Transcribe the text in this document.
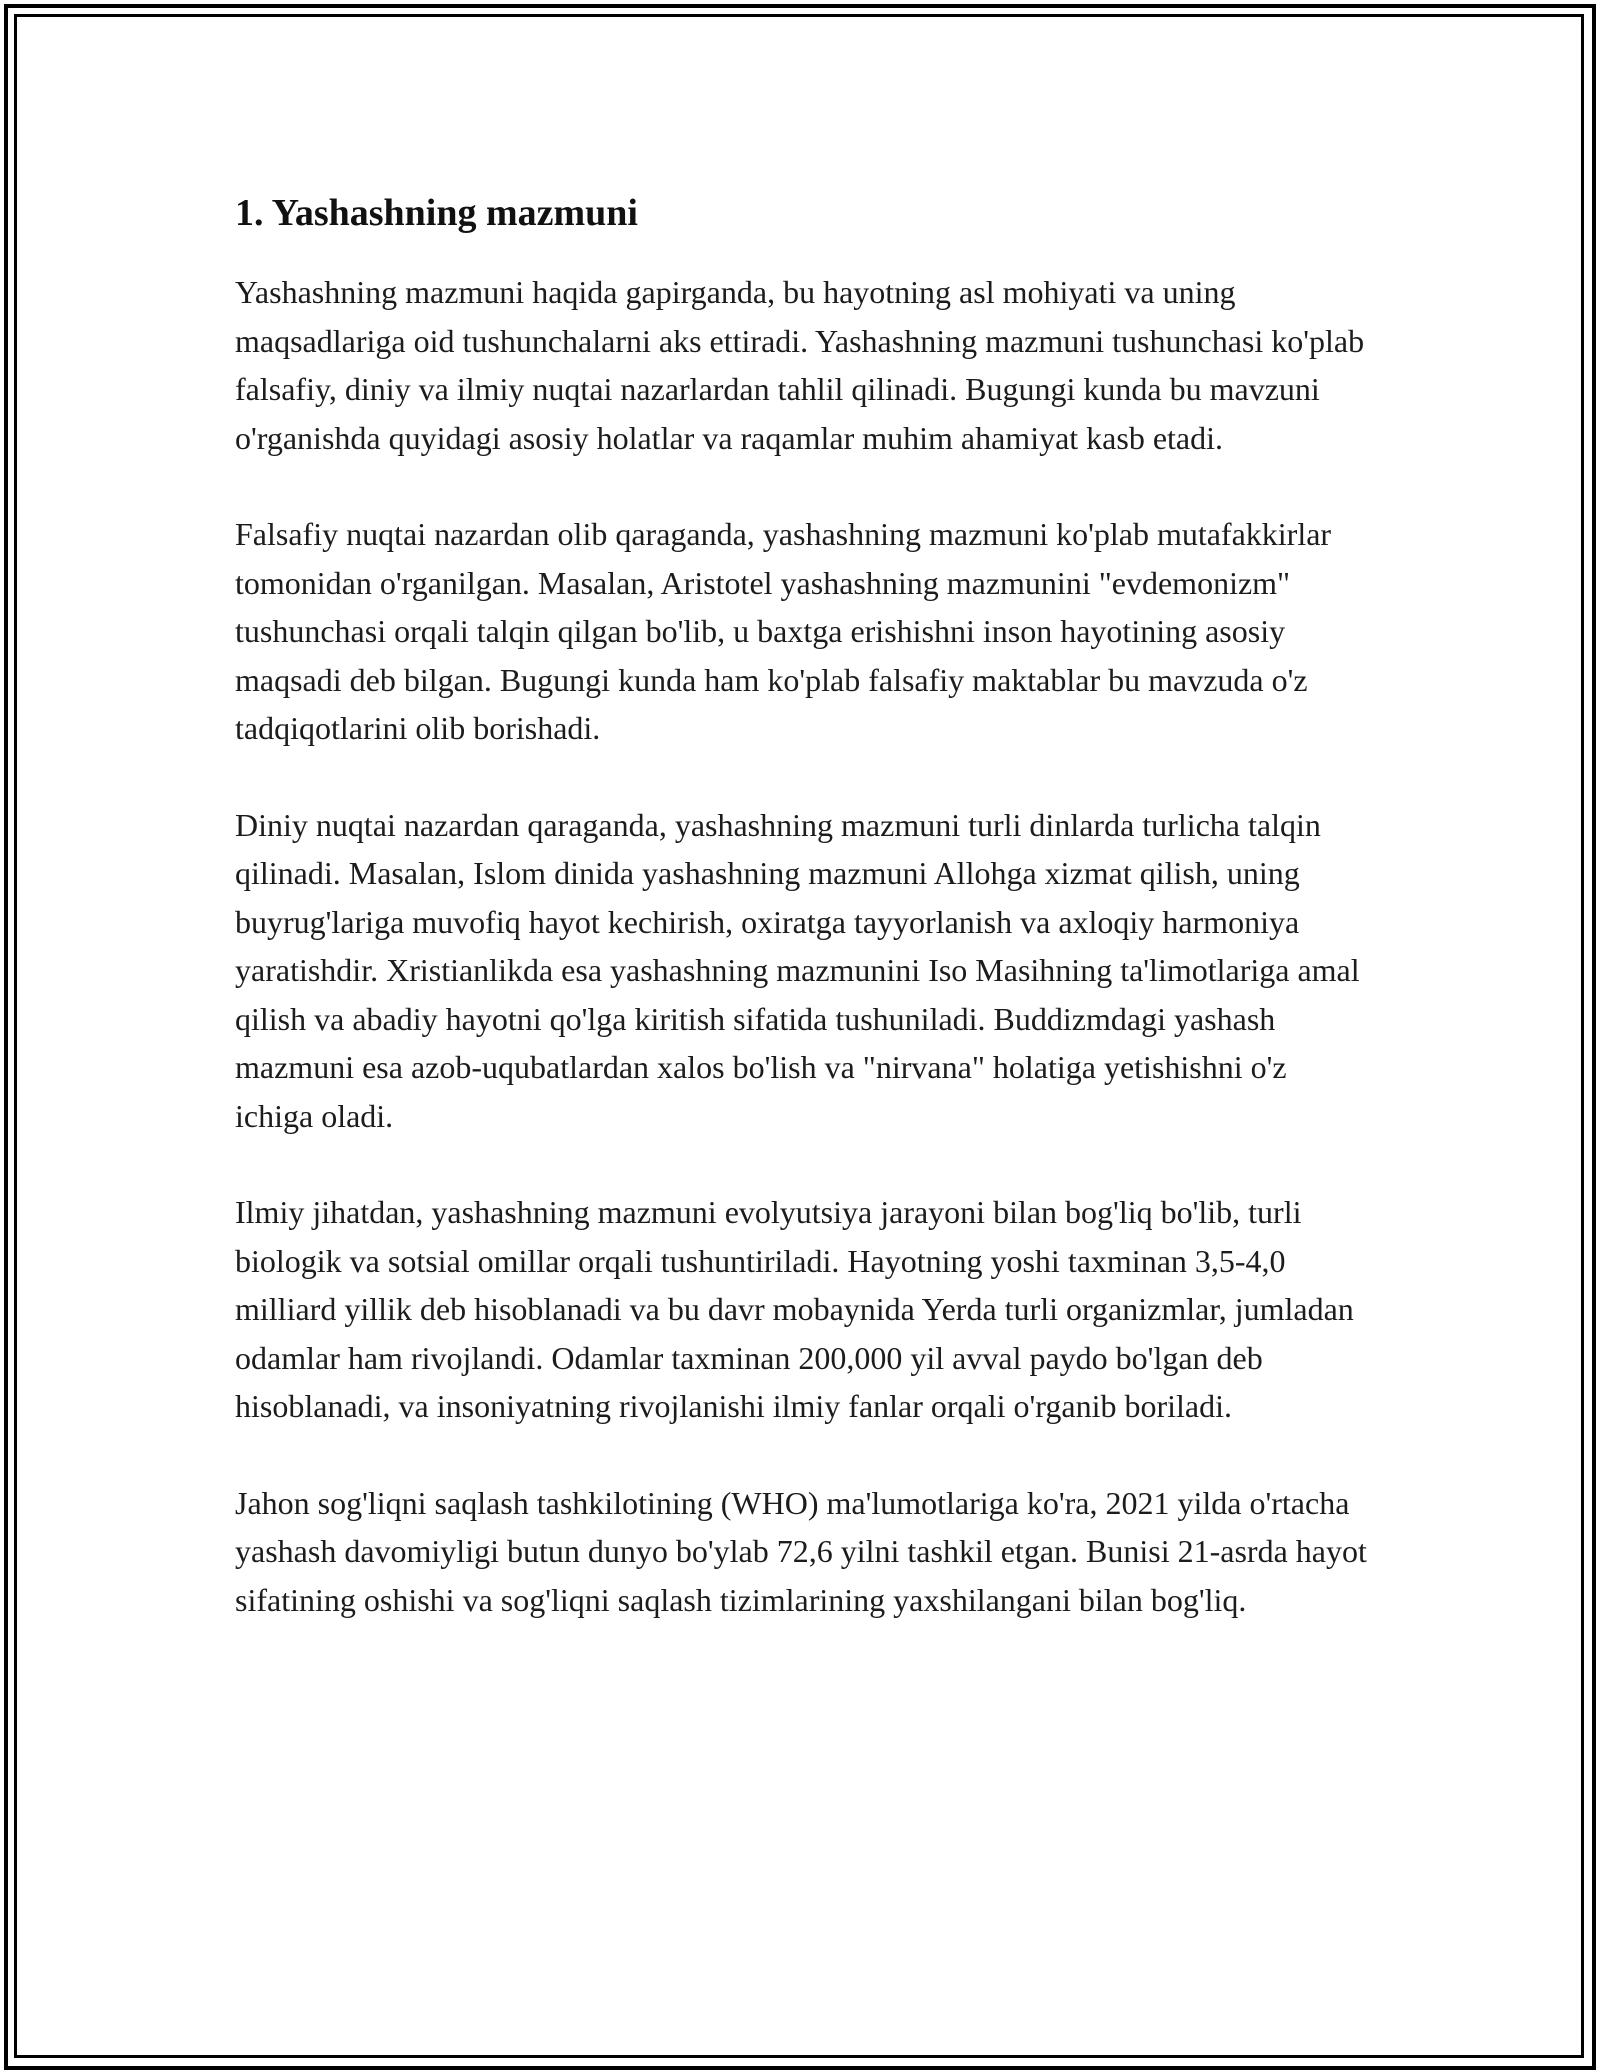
1. Yashashning mazmuni

Yashashning mazmuni haqida gapirganda, bu hayotning asl mohiyati va uning maqsadlariga oid tushunchalarni aks ettiradi. Yashashning mazmuni tushunchasi ko'plab falsafiy, diniy va ilmiy nuqtai nazarlardan tahlil qilinadi. Bugungi kunda bu mavzuni o'rganishda quyidagi asosiy holatlar va raqamlar muhim ahamiyat kasb etadi.

Falsafiy nuqtai nazardan olib qaraganda, yashashning mazmuni ko'plab mutafakkirlar tomonidan o'rganilgan. Masalan, Aristotel yashashning mazmunini "evdemonizm" tushunchasi orqali talqin qilgan bo'lib, u baxtga erishishni inson hayotining asosiy maqsadi deb bilgan. Bugungi kunda ham ko'plab falsafiy maktablar bu mavzuda o'z tadqiqotlarini olib borishadi.

Diniy nuqtai nazardan qaraganda, yashashning mazmuni turli dinlarda turlicha talqin qilinadi. Masalan, Islom dinida yashashning mazmuni Allohga xizmat qilish, uning buyrug'lariga muvofiq hayot kechirish, oxiratga tayyorlanish va axloqiy harmoniya yaratishdir. Xristianlikda esa yashashning mazmunini Iso Masihning ta'limotlariga amal qilish va abadiy hayotni qo'lga kiritish sifatida tushuniladi. Buddizmdagi yashash mazmuni esa azob-uqubatlardan xalos bo'lish va "nirvana" holatiga yetishishni o'z ichiga oladi.

Ilmiy jihatdan, yashashning mazmuni evolyutsiya jarayoni bilan bog'liq bo'lib, turli biologik va sotsial omillar orqali tushuntiriladi. Hayotning yoshi taxminan 3,5-4,0 milliard yillik deb hisoblanadi va bu davr mobaynida Yerda turli organizmlar, jumladan odamlar ham rivojlandi. Odamlar taxminan 200,000 yil avval paydo bo'lgan deb hisoblanadi, va insoniyatning rivojlanishi ilmiy fanlar orqali o'rganib boriladi.

Jahon sog'liqni saqlash tashkilotining (WHO) ma'lumotlariga ko'ra, 2021 yilda o'rtacha yashash davomiyligi butun dunyo bo'ylab 72,6 yilni tashkil etgan. Bunisi 21-asrda hayot sifatining oshishi va sog'liqni saqlash tizimlarining yaxshilangani bilan bog'liq.
